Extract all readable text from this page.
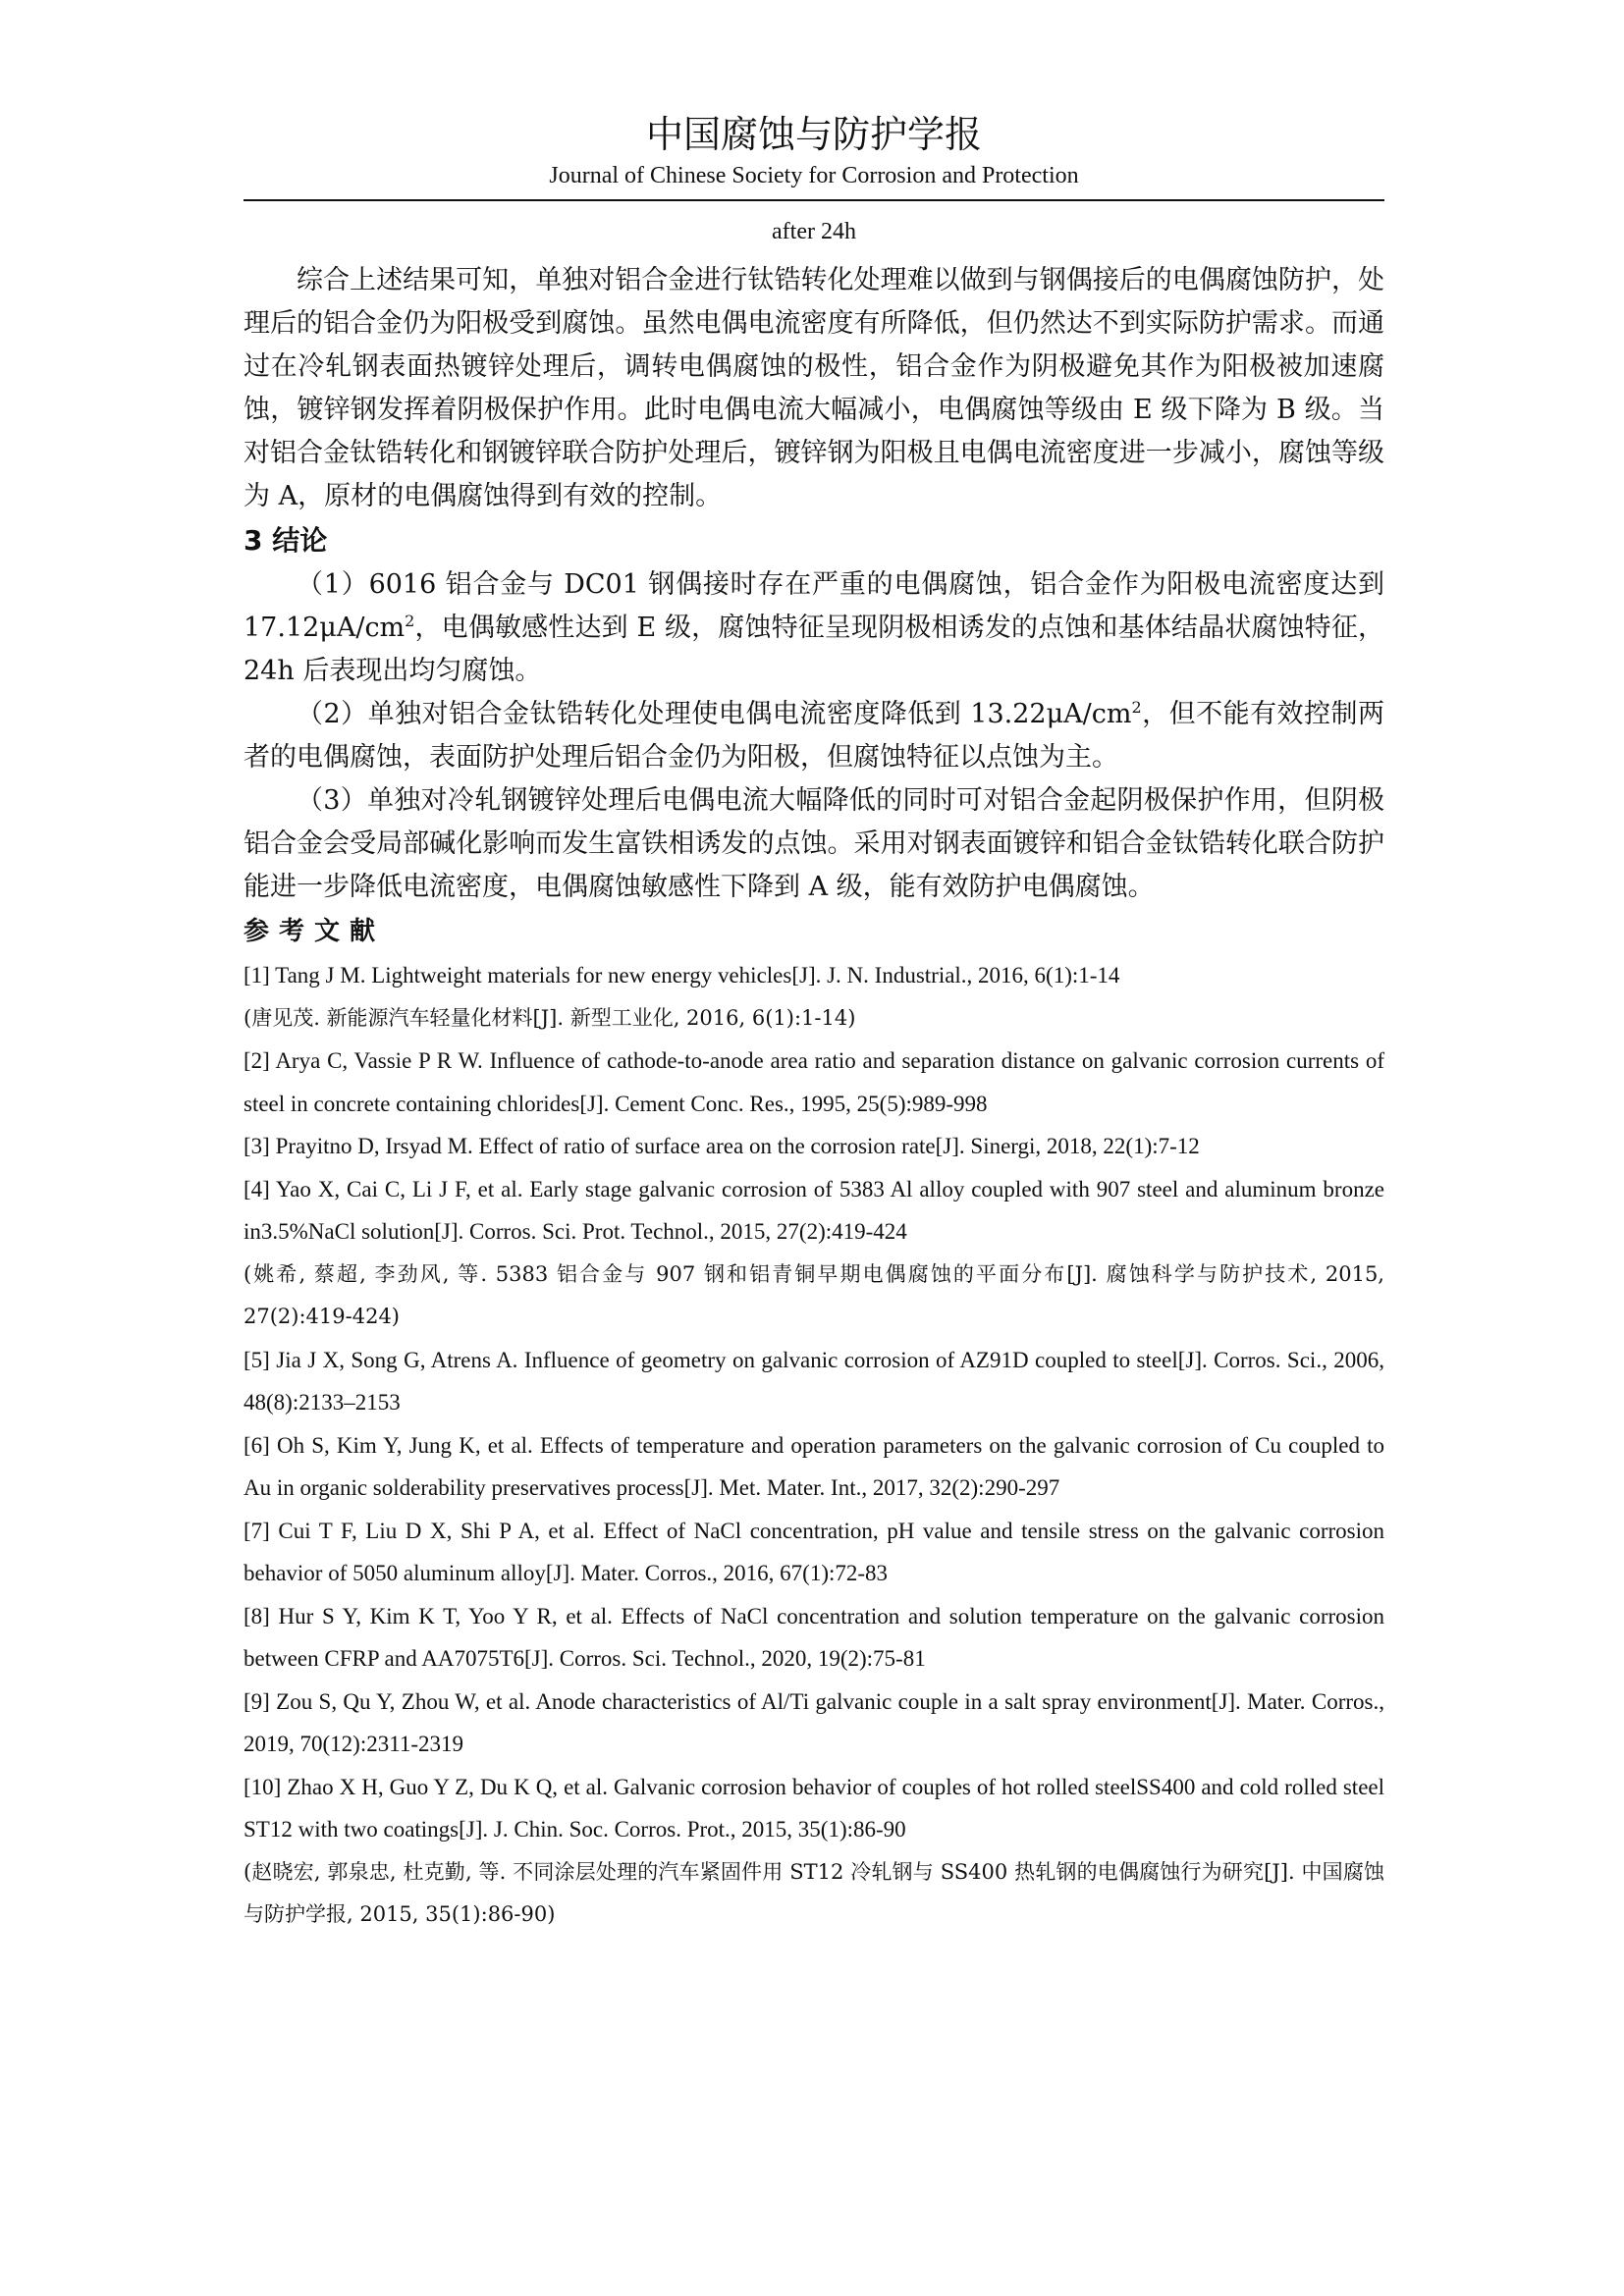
中国腐蚀与防护学报
Journal of Chinese Society for Corrosion and Protection
after 24h

综合上述结果可知，单独对铝合金进行钛锆转化处理难以做到与钢偶接后的电偶腐蚀防护，处理后的铝合金仍为阳极受到腐蚀。虽然电偶电流密度有所降低，但仍然达不到实际防护需求。而通过在冷轧钢表面热镀锌处理后，调转电偶腐蚀的极性，铝合金作为阴极避免其作为阳极被加速腐蚀，镀锌钢发挥着阴极保护作用。此时电偶电流大幅减小，电偶腐蚀等级由 E 级下降为 B 级。当对铝合金钛锆转化和钢镀锌联合防护处理后，镀锌钢为阳极且电偶电流密度进一步减小，腐蚀等级为 A，原材的电偶腐蚀得到有效的控制。

3 结论

（1）6016 铝合金与 DC01 钢偶接时存在严重的电偶腐蚀，铝合金作为阳极电流密度达到 $17.12\mu A/cm^2$，电偶敏感性达到 E 级，腐蚀特征呈现阴极相诱发的点蚀和基体结晶状腐蚀特征，24h 后表现出均匀腐蚀。

（2）单独对铝合金钛锆转化处理使电偶电流密度降低到 $13.22\mu A/cm^2$，但不能有效控制两者的电偶腐蚀，表面防护处理后铝合金仍为阳极，但腐蚀特征以点蚀为主。

（3）单独对冷轧钢镀锌处理后电偶电流大幅降低的同时可对铝合金起阴极保护作用，但阴极铝合金会受局部碱化影响而发生富铁相诱发的点蚀。采用对钢表面镀锌和铝合金钛锆转化联合防护能进一步降低电流密度，电偶腐蚀敏感性下降到 A 级，能有效防护电偶腐蚀。

参考文献

[1] Tang J M. Lightweight materials for new energy vehicles[J]. J. N. Industrial., 2016, 6(1):1-14

(唐见茂. 新能源汽车轻量化材料[J]. 新型工业化, 2016, 6(1):1-14)

[2] Arya C, Vassie P R W. Influence of cathode-to-anode area ratio and separation distance on galvanic corrosion currents of steel in concrete containing chlorides[J]. Cement Conc. Res., 1995, 25(5):989-998

[3] Prayitno D, Irsyad M. Effect of ratio of surface area on the corrosion rate[J]. Sinergi, 2018, 22(1):7-12

[4] Yao X, Cai C, Li J F, et al. Early stage galvanic corrosion of 5383 Al alloy coupled with 907 steel and aluminum bronze in3.5%NaCl solution[J]. Corros. Sci. Prot. Technol., 2015, 27(2):419-424

(姚希, 蔡超, 李劲风, 等. 5383 铝合金与 907 钢和铝青铜早期电偶腐蚀的平面分布[J]. 腐蚀科学与防护技术, 2015, 27(2):419-424)

[5] Jia J X, Song G, Atrens A. Influence of geometry on galvanic corrosion of AZ91D coupled to steel[J]. Corros. Sci., 2006, 48(8):2133–2153

[6] Oh S, Kim Y, Jung K, et al. Effects of temperature and operation parameters on the galvanic corrosion of Cu coupled to Au in organic solderability preservatives process[J]. Met. Mater. Int., 2017, 32(2):290-297

[7] Cui T F, Liu D X, Shi P A, et al. Effect of NaCl concentration, pH value and tensile stress on the galvanic corrosion behavior of 5050 aluminum alloy[J]. Mater. Corros., 2016, 67(1):72-83

[8] Hur S Y, Kim K T, Yoo Y R, et al. Effects of NaCl concentration and solution temperature on the galvanic corrosion between CFRP and AA7075T6[J]. Corros. Sci. Technol., 2020, 19(2):75-81

[9] Zou S, Qu Y, Zhou W, et al. Anode characteristics of Al/Ti galvanic couple in a salt spray environment[J]. Mater. Corros., 2019, 70(12):2311-2319

[10] Zhao X H, Guo Y Z, Du K Q, et al. Galvanic corrosion behavior of couples of hot rolled steelSS400 and cold rolled steel ST12 with two coatings[J]. J. Chin. Soc. Corros. Prot., 2015, 35(1):86-90

(赵晓宏, 郭泉忠, 杜克勤, 等. 不同涂层处理的汽车紧固件用 ST12 冷轧钢与 SS400 热轧钢的电偶腐蚀行为研究[J]. 中国腐蚀与防护学报, 2015, 35(1):86-90)
